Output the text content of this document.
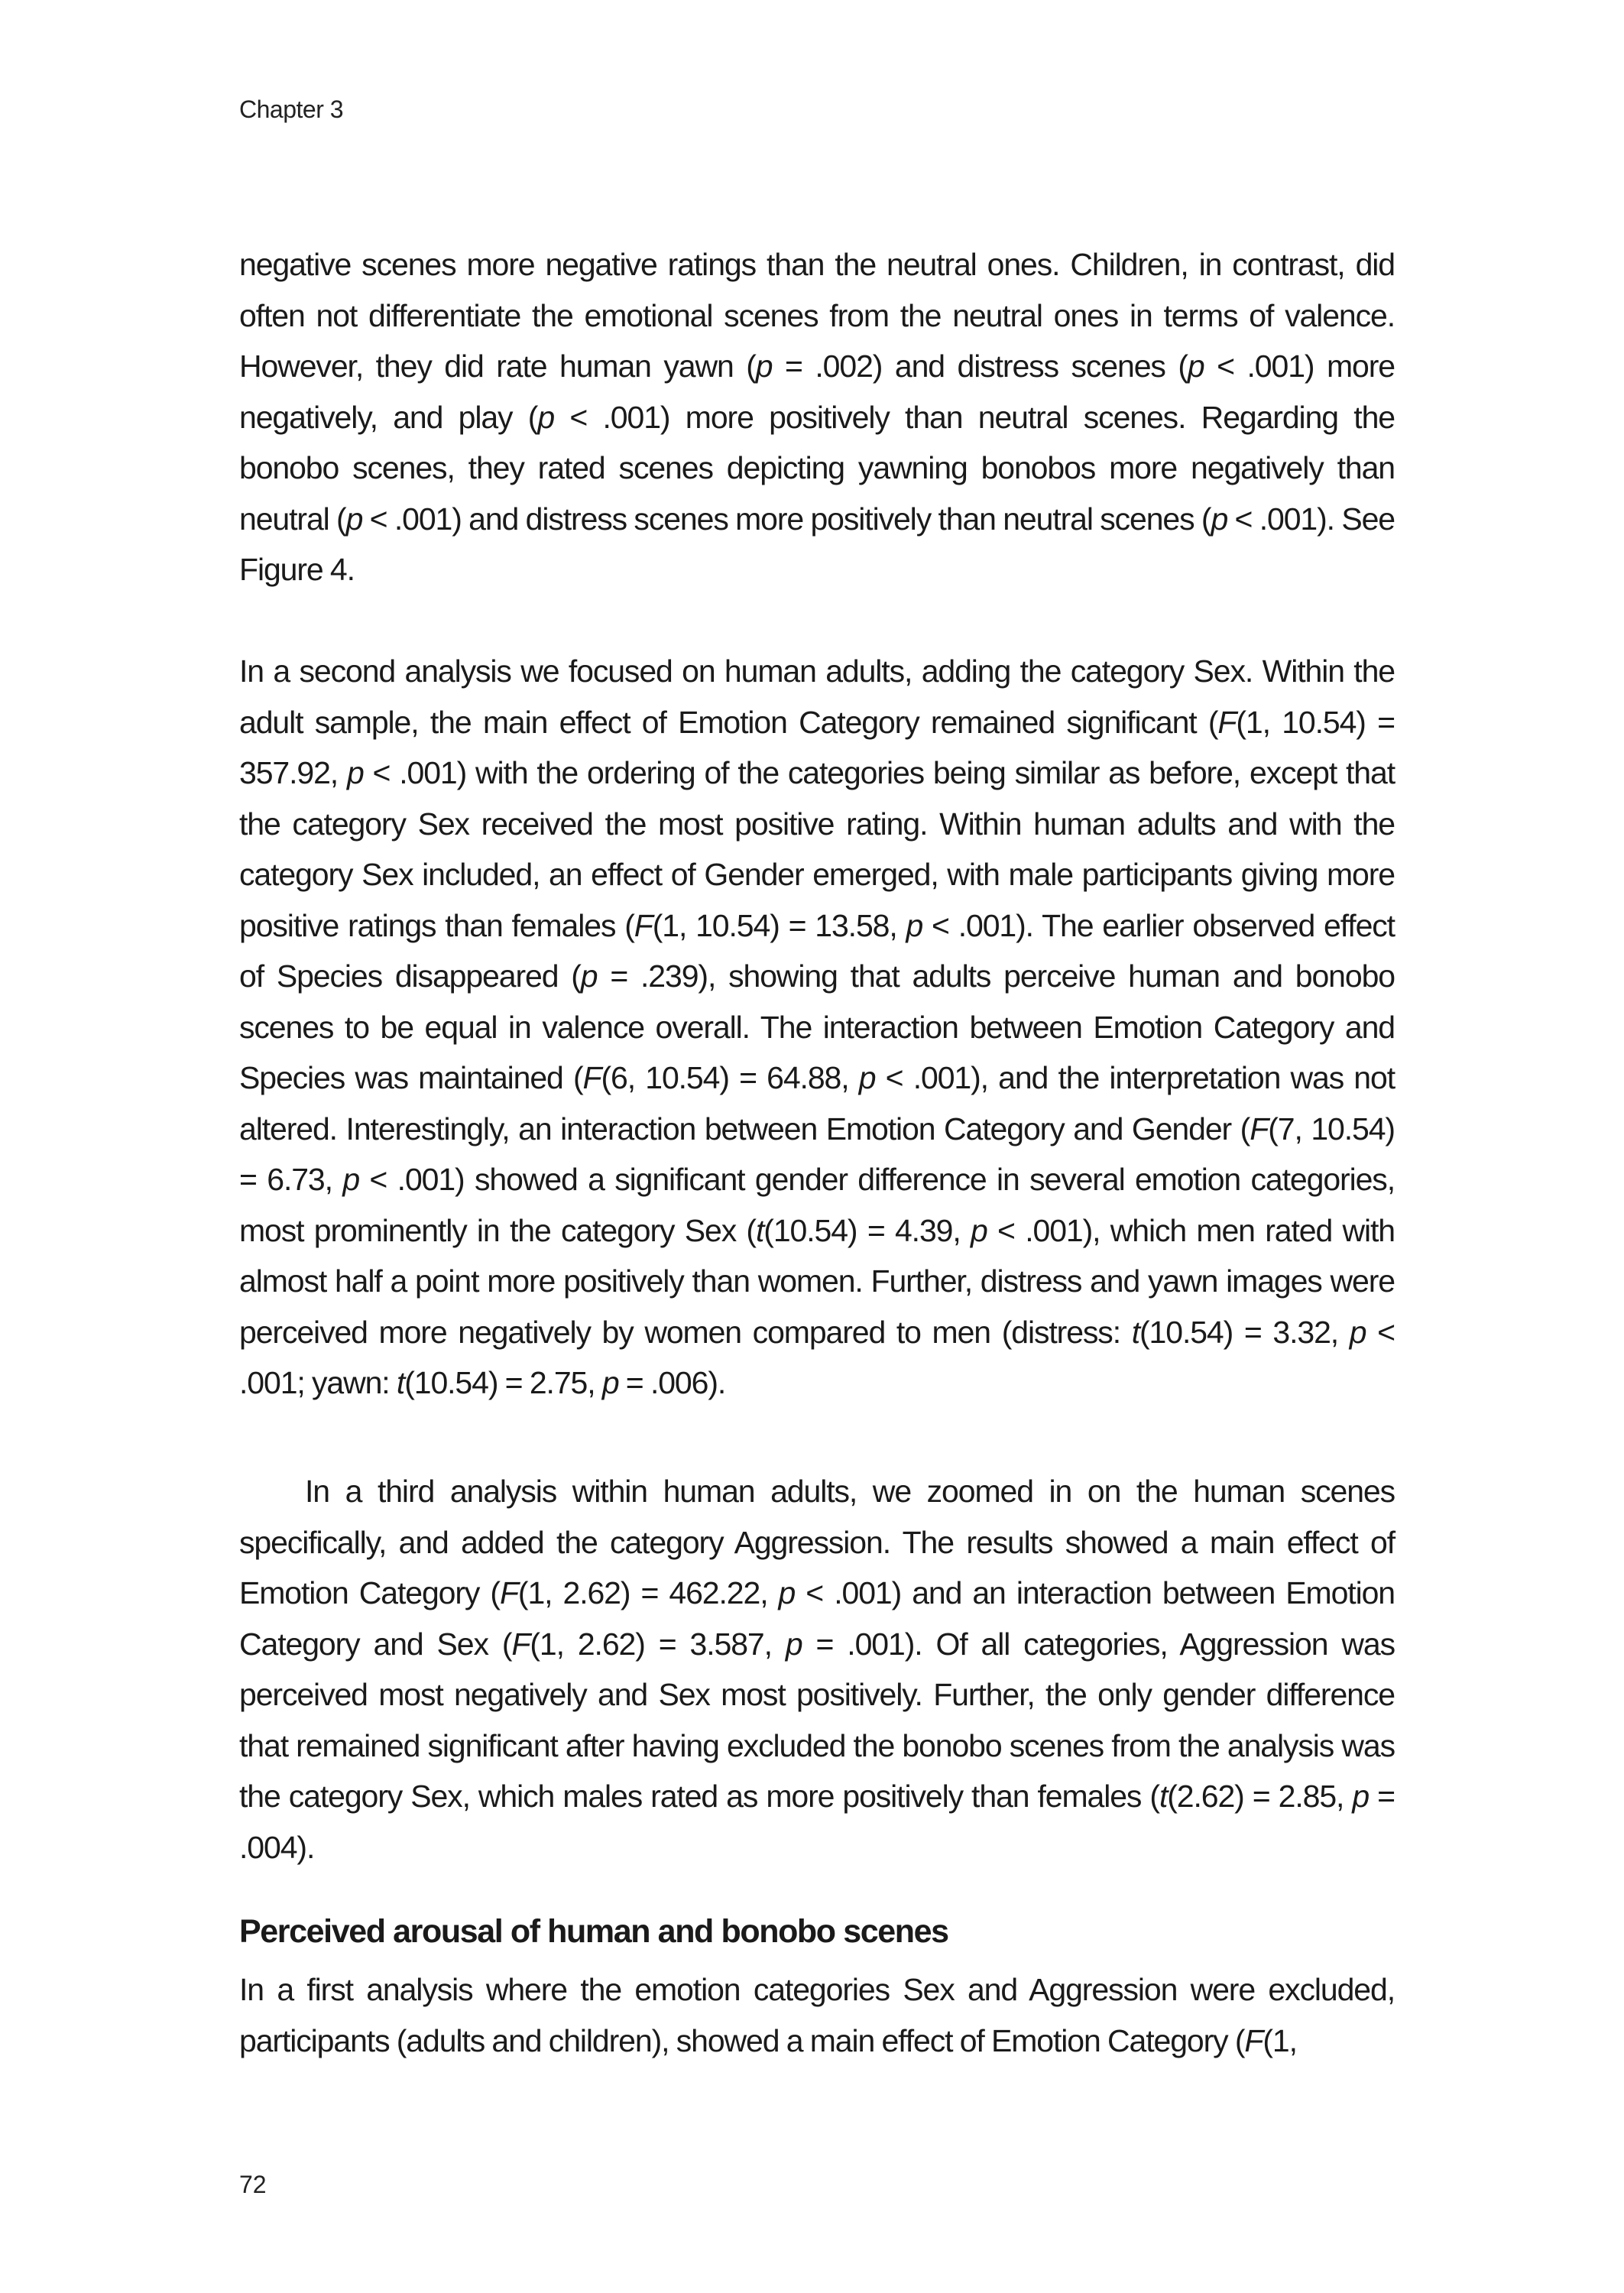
Chapter 3

negative scenes more negative ratings than the neutral ones. Children, in contrast, did often not differentiate the emotional scenes from the neutral ones in terms of valence. However, they did rate human yawn (p = .002) and distress scenes (p < .001) more negatively, and play (p < .001) more positively than neutral scenes. Regarding the bonobo scenes, they rated scenes depicting yawning bonobos more negatively than neutral (p < .001) and distress scenes more positively than neutral scenes (p < .001). See Figure 4.

In a second analysis we focused on human adults, adding the category Sex. Within the adult sample, the main effect of Emotion Category remained significant (F(1, 10.54) = 357.92, p < .001) with the ordering of the categories being similar as before, except that the category Sex received the most positive rating. Within human adults and with the category Sex included, an effect of Gender emerged, with male participants giving more positive ratings than females (F(1, 10.54) = 13.58, p < .001). The earlier observed effect of Species disappeared (p = .239), showing that adults perceive human and bonobo scenes to be equal in valence overall. The interaction between Emotion Category and Species was maintained (F(6, 10.54) = 64.88, p < .001), and the interpretation was not altered. Interestingly, an interaction between Emotion Category and Gender (F(7, 10.54) = 6.73, p < .001) showed a significant gender difference in several emotion categories, most prominently in the category Sex (t(10.54) = 4.39, p < .001), which men rated with almost half a point more positively than women. Further, distress and yawn images were perceived more negatively by women compared to men (distress: t(10.54) = 3.32, p < .001; yawn: t(10.54) = 2.75, p = .006).

In a third analysis within human adults, we zoomed in on the human scenes specifically, and added the category Aggression. The results showed a main effect of Emotion Category (F(1, 2.62) = 462.22, p < .001) and an interaction between Emotion Category and Sex (F(1, 2.62) = 3.587, p = .001). Of all categories, Aggression was perceived most negatively and Sex most positively. Further, the only gender difference that remained significant after having excluded the bonobo scenes from the analysis was the category Sex, which males rated as more positively than females (t(2.62) = 2.85, p = .004).

Perceived arousal of human and bonobo scenes

In a first analysis where the emotion categories Sex and Aggression were excluded, participants (adults and children), showed a main effect of Emotion Category (F(1,

72
